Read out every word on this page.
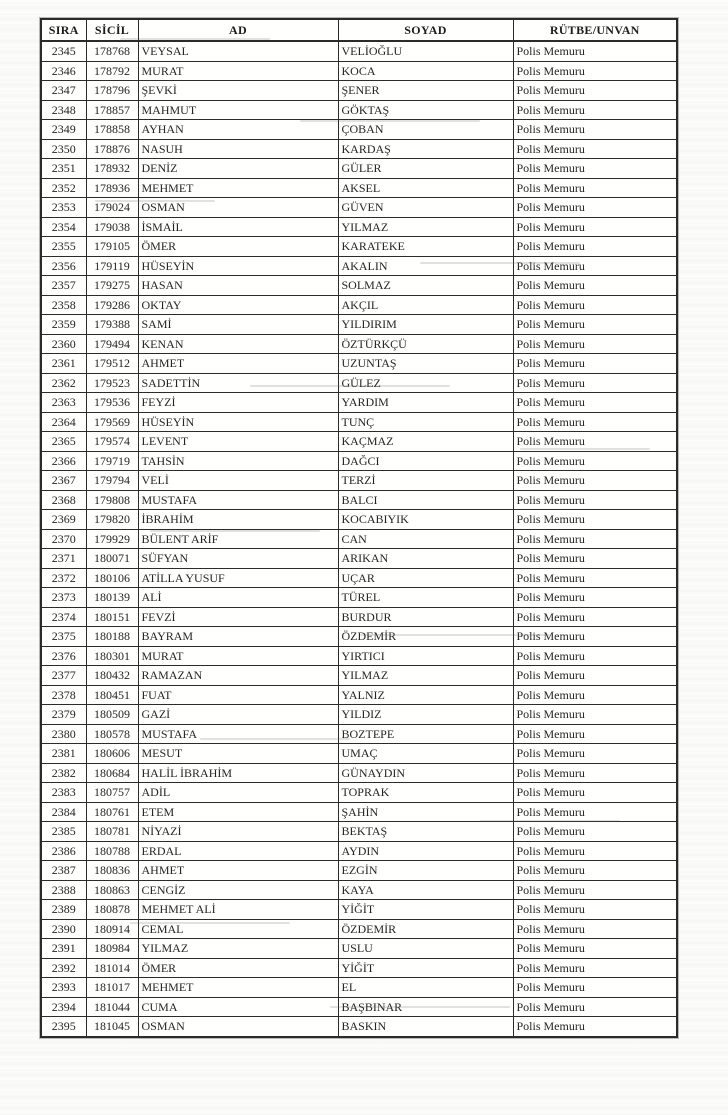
SIRA	SİCİL	AD	SOYAD	RÜTBE/UNVAN
2345	178768	VEYSAL	VELİOĞLU	Polis Memuru
2346	178792	MURAT	KOCA	Polis Memuru
2347	178796	ŞEVKİ	ŞENER	Polis Memuru
2348	178857	MAHMUT	GÖKTAŞ	Polis Memuru
2349	178858	AYHAN	ÇOBAN	Polis Memuru
2350	178876	NASUH	KARDAŞ	Polis Memuru
2351	178932	DENİZ	GÜLER	Polis Memuru
2352	178936	MEHMET	AKSEL	Polis Memuru
2353	179024	OSMAN	GÜVEN	Polis Memuru
2354	179038	İSMAİL	YILMAZ	Polis Memuru
2355	179105	ÖMER	KARATEKE	Polis Memuru
2356	179119	HÜSEYİN	AKALIN	Polis Memuru
2357	179275	HASAN	SOLMAZ	Polis Memuru
2358	179286	OKTAY	AKÇIL	Polis Memuru
2359	179388	SAMİ	YILDIRIM	Polis Memuru
2360	179494	KENAN	ÖZTÜRKÇÜ	Polis Memuru
2361	179512	AHMET	UZUNTAŞ	Polis Memuru
2362	179523	SADETTİN	GÜLEZ	Polis Memuru
2363	179536	FEYZİ	YARDIM	Polis Memuru
2364	179569	HÜSEYİN	TUNÇ	Polis Memuru
2365	179574	LEVENT	KAÇMAZ	Polis Memuru
2366	179719	TAHSİN	DAĞCI	Polis Memuru
2367	179794	VELİ	TERZİ	Polis Memuru
2368	179808	MUSTAFA	BALCI	Polis Memuru
2369	179820	İBRAHİM	KOCABIYIK	Polis Memuru
2370	179929	BÜLENT ARİF	CAN	Polis Memuru
2371	180071	SÜFYAN	ARIKAN	Polis Memuru
2372	180106	ATİLLA YUSUF	UÇAR	Polis Memuru
2373	180139	ALİ	TÜREL	Polis Memuru
2374	180151	FEVZİ	BURDUR	Polis Memuru
2375	180188	BAYRAM	ÖZDEMİR	Polis Memuru
2376	180301	MURAT	YIRTICI	Polis Memuru
2377	180432	RAMAZAN	YILMAZ	Polis Memuru
2378	180451	FUAT	YALNIZ	Polis Memuru
2379	180509	GAZİ	YILDIZ	Polis Memuru
2380	180578	MUSTAFA	BOZTEPE	Polis Memuru
2381	180606	MESUT	UMAÇ	Polis Memuru
2382	180684	HALİL İBRAHİM	GÜNAYDIN	Polis Memuru
2383	180757	ADİL	TOPRAK	Polis Memuru
2384	180761	ETEM	ŞAHİN	Polis Memuru
2385	180781	NİYAZİ	BEKTAŞ	Polis Memuru
2386	180788	ERDAL	AYDIN	Polis Memuru
2387	180836	AHMET	EZGİN	Polis Memuru
2388	180863	CENGİZ	KAYA	Polis Memuru
2389	180878	MEHMET ALİ	YİĞİT	Polis Memuru
2390	180914	CEMAL	ÖZDEMİR	Polis Memuru
2391	180984	YILMAZ	USLU	Polis Memuru
2392	181014	ÖMER	YİĞİT	Polis Memuru
2393	181017	MEHMET	EL	Polis Memuru
2394	181044	CUMA	BAŞBINAR	Polis Memuru
2395	181045	OSMAN	BASKIN	Polis Memuru
